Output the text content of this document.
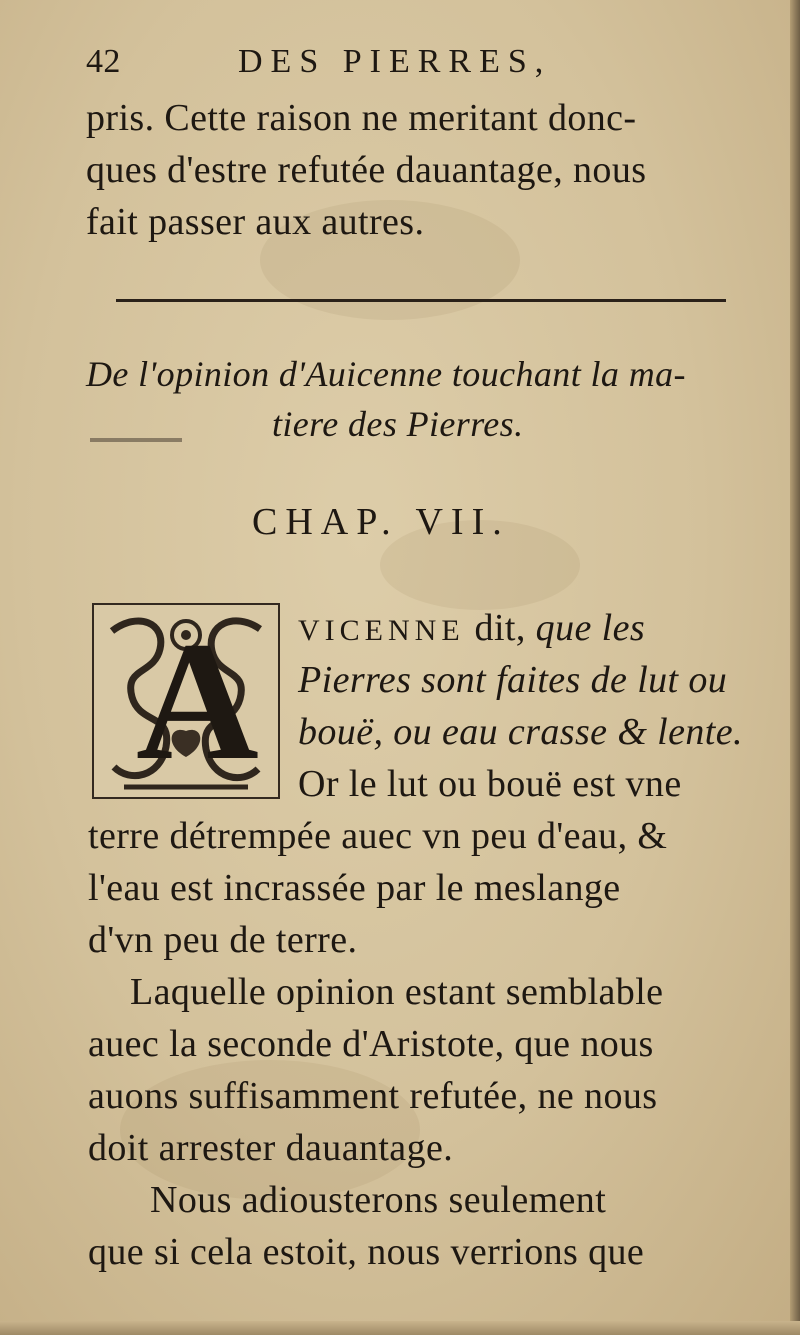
42	DES PIERRES,
pris. Cette raison ne meritant donc-
ques d'estre refutée dauantage, nous
fait passer aux autres.
De l'opinion d'Auicenne touchant la ma-
tiere des Pierres.
CHAP. VII.
A VICENNE dit, que les
Pierres sont faites de lut ou
bouë, ou eau crasse & lente.
Or le lut ou bouë est vne
terre détrempée auec vn peu d'eau, &
l'eau est incrassée par le meslange
d'vn peu de terre.
Laquelle opinion estant semblable
auec la seconde d'Aristote, que nous
auons suffisamment refutée, ne nous
doit arrester dauantage.
Nous adiousterons seulement
que si cela estoit, nous verrions que
